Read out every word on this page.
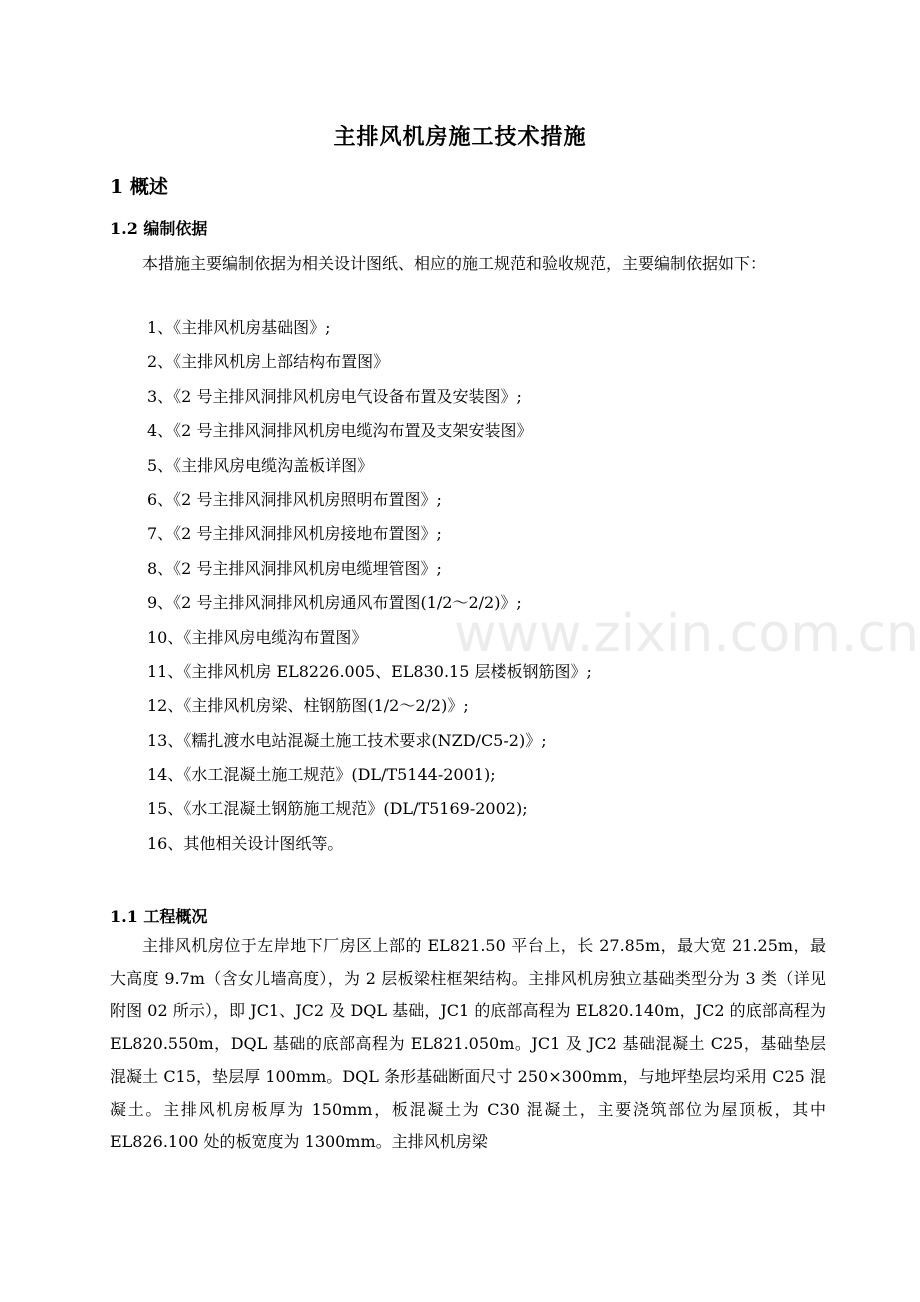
主排风机房施工技术措施
1 概述
1.2 编制依据
本措施主要编制依据为相关设计图纸、相应的施工规范和验收规范，主要编制依据如下：
1、《主排风机房基础图》;
2、《主排风机房上部结构布置图》
3、《2 号主排风洞排风机房电气设备布置及安装图》;
4、《2 号主排风洞排风机房电缆沟布置及支架安装图》
5、《主排风房电缆沟盖板详图》
6、《2 号主排风洞排风机房照明布置图》;
7、《2 号主排风洞排风机房接地布置图》;
8、《2 号主排风洞排风机房电缆埋管图》;
9、《2 号主排风洞排风机房通风布置图(1/2～2/2)》;
10、《主排风房电缆沟布置图》
11、《主排风机房 EL8226.005、EL830.15 层楼板钢筋图》;
12、《主排风机房梁、柱钢筋图(1/2～2/2)》;
13、《糯扎渡水电站混凝土施工技术要求(NZD/C5-2)》;
14、《水工混凝土施工规范》(DL/T5144-2001);
15、《水工混凝土钢筋施工规范》(DL/T5169-2002);
16、其他相关设计图纸等。
1.1 工程概况
主排风机房位于左岸地下厂房区上部的 EL821.50 平台上，长 27.85m，最大宽 21.25m，最大高度 9.7m（含女儿墙高度），为 2 层板梁柱框架结构。主排风机房独立基础类型分为 3 类（详见附图 02 所示），即 JC1、JC2 及 DQL 基础，JC1 的底部高程为 EL820.140m，JC2 的底部高程为 EL820.550m，DQL 基础的底部高程为 EL821.050m。JC1 及 JC2 基础混凝土 C25，基础垫层混凝土 C15，垫层厚 100mm。DQL 条形基础断面尺寸 250×300mm，与地坪垫层均采用 C25 混凝土。主排风机房板厚为 150mm，板混凝土为 C30 混凝土，主要浇筑部位为屋顶板，其中 EL826.100 处的板宽度为 1300mm。主排风机房梁
www.zixin.com.cn
